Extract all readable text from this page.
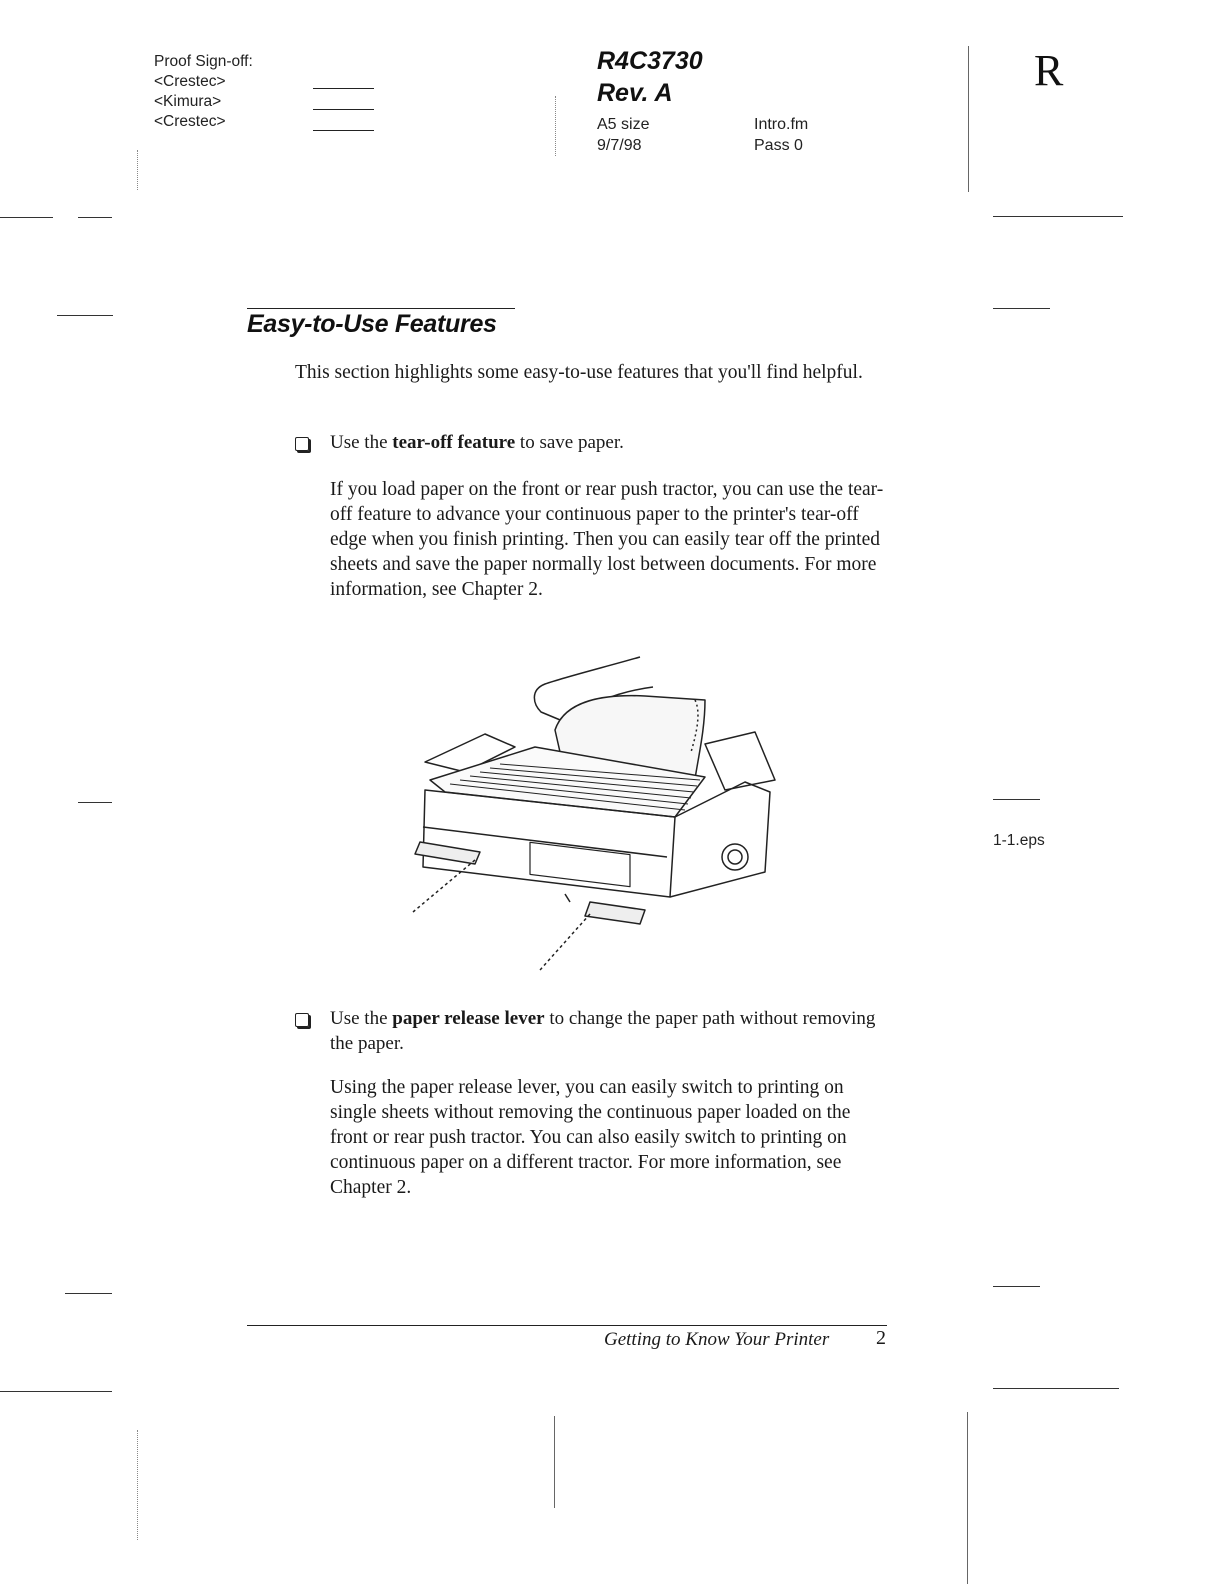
Proof Sign-off:
<Crestec>
<Kimura>
<Crestec>
R4C3730
Rev. A
A5 size
9/7/98
Intro.fm
Pass 0
R
Easy-to-Use Features
This section highlights some easy-to-use features that you'll find helpful.
Use the tear-off feature to save paper.
If you load paper on the front or rear push tractor, you can use the tear-off feature to advance your continuous paper to the printer's tear-off edge when you finish printing. Then you can easily tear off the printed sheets and save the paper normally lost between documents. For more information, see Chapter 2.
1-1.eps
Use the paper release lever to change the paper path without removing the paper.
Using the paper release lever, you can easily switch to printing on single sheets without removing the continuous paper loaded on the front or rear push tractor. You can also easily switch to printing on continuous paper on a different tractor. For more information, see Chapter 2.
Getting to Know Your Printer 2
